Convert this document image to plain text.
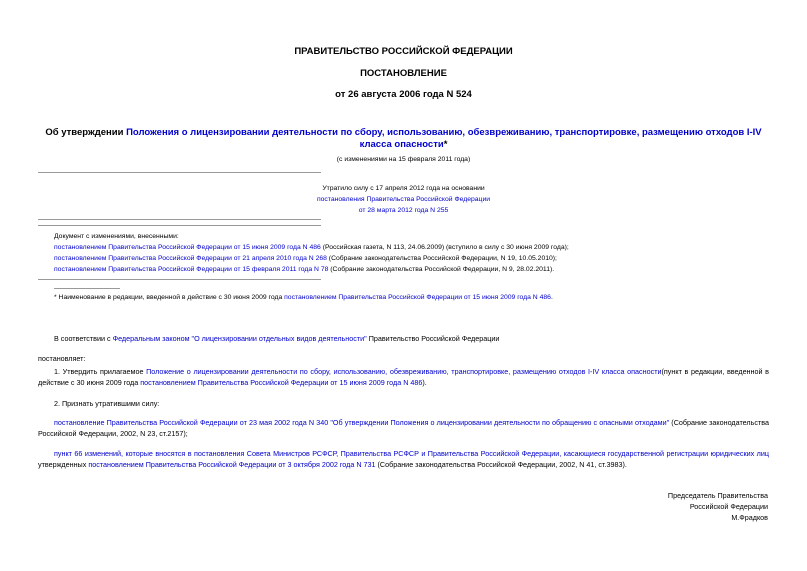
ПРАВИТЕЛЬСТВО РОССИЙСКОЙ ФЕДЕРАЦИИ
ПОСТАНОВЛЕНИЕ
от 26 августа 2006 года N 524
Об утверждении Положения о лицензировании деятельности по сбору, использованию, обезвреживанию, транспортировке, размещению отходов I-IV класса опасности*
(с изменениями на 15 февраля 2011 года)
Утратило силу с 17 апреля 2012 года на основании
постановления Правительства Российской Федерации
от 28 марта 2012 года N 255
Документ с изменениями, внесенными:
постановлением Правительства Российской Федерации от 15 июня 2009 года N 486 (Российская газета, N 113, 24.06.2009) (вступило в силу с 30 июня 2009 года);
постановлением Правительства Российской Федерации от 21 апреля 2010 года N 268 (Собрание законодательства Российской Федерации, N 19, 10.05.2010);
постановлением Правительства Российской Федерации от 15 февраля 2011 года N 78 (Собрание законодательства Российской Федерации, N 9, 28.02.2011).
* Наименование в редакции, введенной в действие с 30 июня 2009 года постановлением Правительства Российской Федерации от 15 июня 2009 года N 486.
В соответствии с Федеральным законом "О лицензировании отдельных видов деятельности" Правительство Российской Федерации
постановляет:
1. Утвердить прилагаемое Положение о лицензировании деятельности по сбору, использованию, обезвреживанию, транспортировке, размещению отходов I-IV класса опасности(пункт в редакции, введенной в действие с 30 июня 2009 года постановлением Правительства Российской Федерации от 15 июня 2009 года N 486).
2. Признать утратившими силу:
постановление Правительства Российской Федерации от 23 мая 2002 года N 340 "Об утверждении Положения о лицензировании деятельности по обращению с опасными отходами" (Собрание законодательства Российской Федерации, 2002, N 23, ст.2157);
пункт 66 изменений, которые вносятся в постановления Совета Министров РСФСР, Правительства РСФСР и Правительства Российской Федерации, касающиеся государственной регистрации юридических лиц утвержденных постановлением Правительства Российской Федерации от 3 октября 2002 года N 731 (Собрание законодательства Российской Федерации, 2002, N 41, ст.3983).
Председатель Правительства
Российской Федерации
М.Фрадков
